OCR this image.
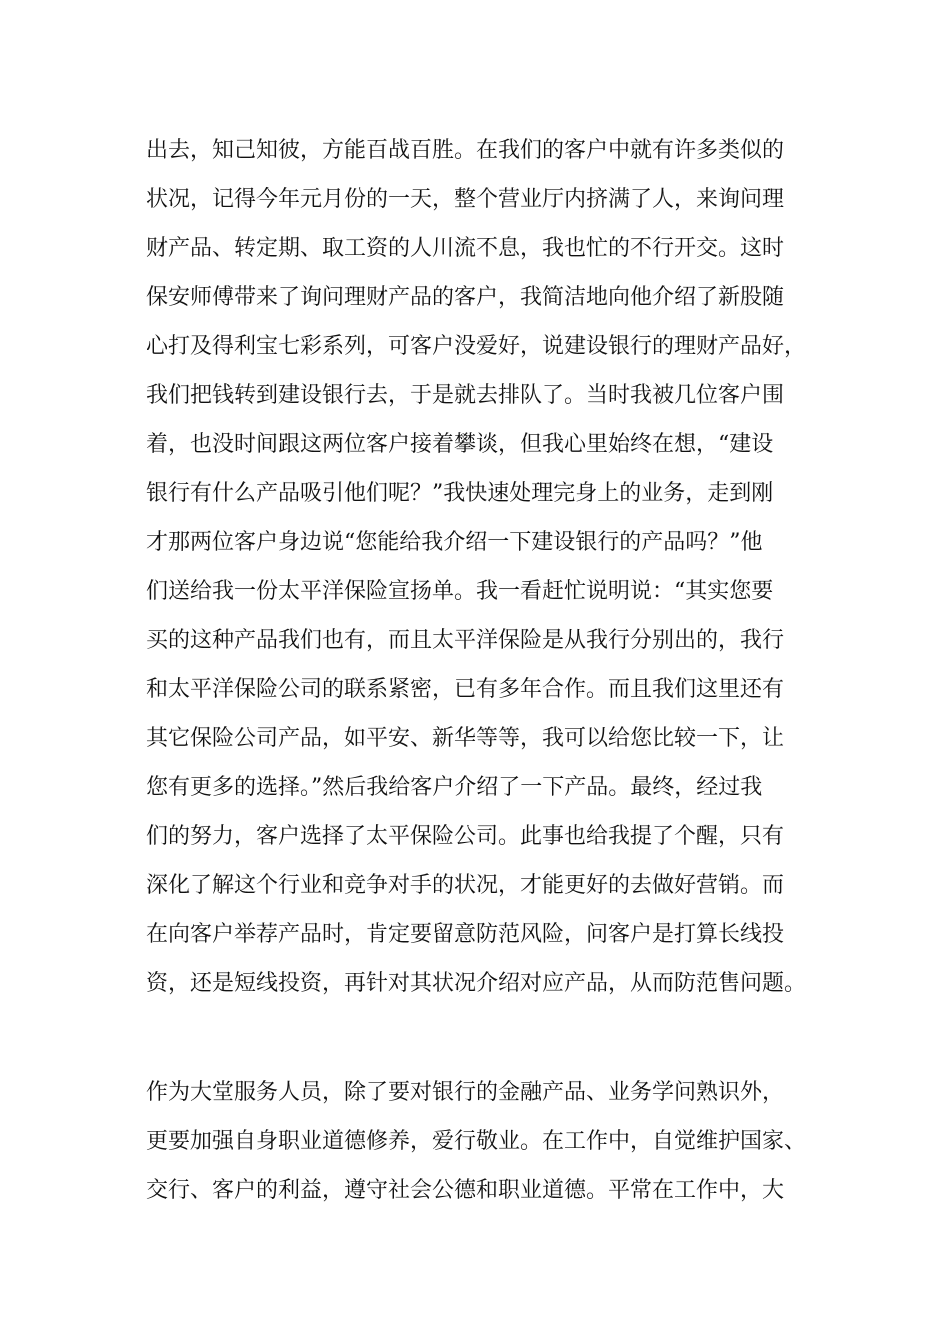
出去，知己知彼，方能百战百胜。在我们的客户中就有许多类似的
状况，记得今年元月份的一天，整个营业厅内挤满了人，来询问理
财产品、转定期、取工资的人川流不息，我也忙的不行开交。这时
保安师傅带来了询问理财产品的客户，我简洁地向他介绍了新股随
心打及得利宝七彩系列，可客户没爱好，说建设银行的理财产品好，
我们把钱转到建设银行去，于是就去排队了。当时我被几位客户围
着，也没时间跟这两位客户接着攀谈，但我心里始终在想，“建设
银行有什么产品吸引他们呢？”我快速处理完身上的业务，走到刚
才那两位客户身边说“您能给我介绍一下建设银行的产品吗？”他
们送给我一份太平洋保险宣扬单。我一看赶忙说明说：“其实您要
买的这种产品我们也有，而且太平洋保险是从我行分别出的，我行
和太平洋保险公司的联系紧密，已有多年合作。而且我们这里还有
其它保险公司产品，如平安、新华等等，我可以给您比较一下，让
您有更多的选择。”然后我给客户介绍了一下产品。最终，经过我
们的努力，客户选择了太平保险公司。此事也给我提了个醒，只有
深化了解这个行业和竞争对手的状况，才能更好的去做好营销。而
在向客户举荐产品时，肯定要留意防范风险，问客户是打算长线投
资，还是短线投资，再针对其状况介绍对应产品，从而防范售问题。
作为大堂服务人员，除了要对银行的金融产品、业务学问熟识外，
更要加强自身职业道德修养，爱行敬业。在工作中，自觉维护国家、
交行、客户的利益，遵守社会公德和职业道德。平常在工作中，大
